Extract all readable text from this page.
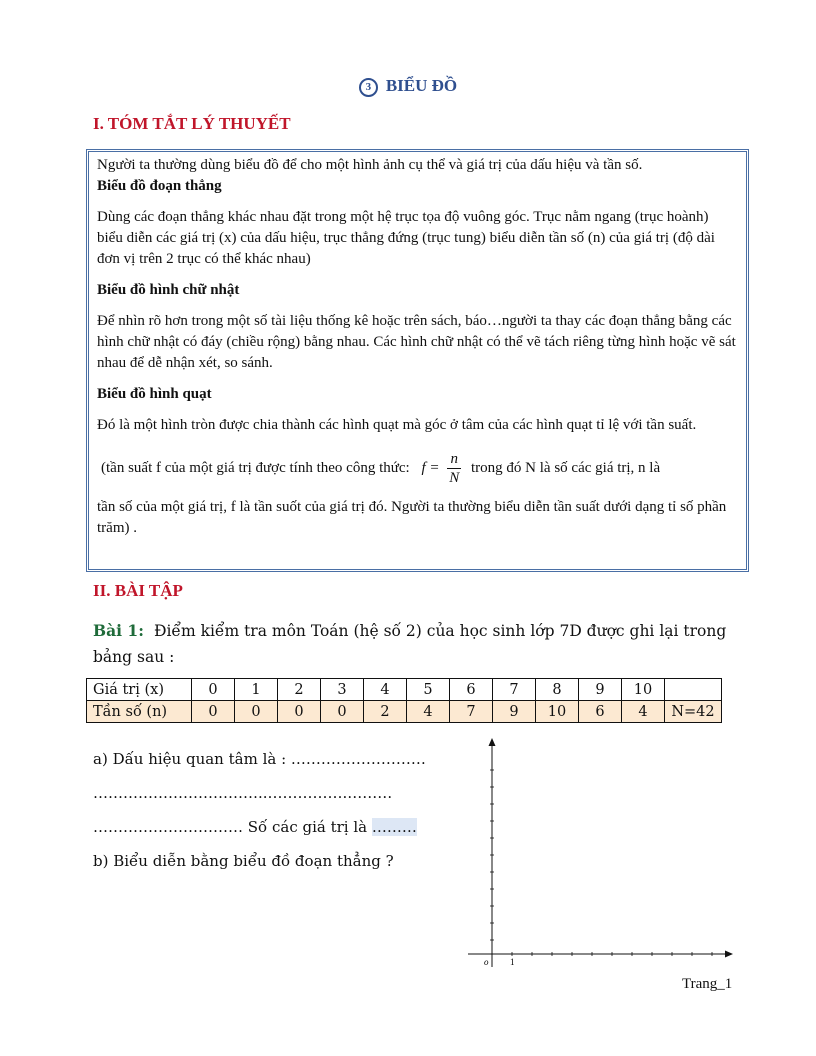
3 BIỂU ĐỒ
I. TÓM TẮT LÝ THUYẾT

Người ta thường dùng biểu đồ để cho một hình ảnh cụ thể và giá trị của dấu hiệu và tần số.

Biểu đồ đoạn thẳng

Dùng các đoạn thẳng khác nhau đặt trong một hệ trục tọa độ vuông góc. Trục nằm ngang (trục hoành) biểu diễn các giá trị (x) của dấu hiệu, trục thẳng đứng (trục tung) biểu diễn tần số (n) của giá trị (độ dài đơn vị trên 2 trục có thể khác nhau)

Biểu đồ hình chữ nhật

Để nhìn rõ hơn trong một số tài liệu thống kê hoặc trên sách, báo…người ta thay các đoạn thẳng bằng các hình chữ nhật có đáy (chiều rộng) bằng nhau. Các hình chữ nhật có thể vẽ tách riêng từng hình hoặc vẽ sát nhau để dễ nhận xét, so sánh.

Biểu đồ hình quạt

Đó là một hình tròn được chia thành các hình quạt mà góc ở tâm của các hình quạt tỉ lệ với tần suất.

(tần suất f của một giá trị được tính theo công thức: $f = \frac{n}{N}$ trong đó N là số các giá trị, n là

tần số của một giá trị, f là tần suốt của giá trị đó. Người ta thường biểu diễn tần suất dưới dạng tỉ số phần trăm) .

II. BÀI TẬP
Bài 1: Điểm kiểm tra môn Toán (hệ số 2) của học sinh lớp 7D được ghi lại trong bảng sau :
Giá trị (x)	0	1	2	3	4	5	6	7	8	9	10	
Tần số (n)	0	0	0	0	2	4	7	9	10	6	4	N=42

a) Dấu hiệu quan tâm là : ………………………

……………………………..…………….………

………………………… Số các giá trị là ………

b) Biểu diễn bằng biểu đồ đoạn thẳng ?

o 1
Trang_1
